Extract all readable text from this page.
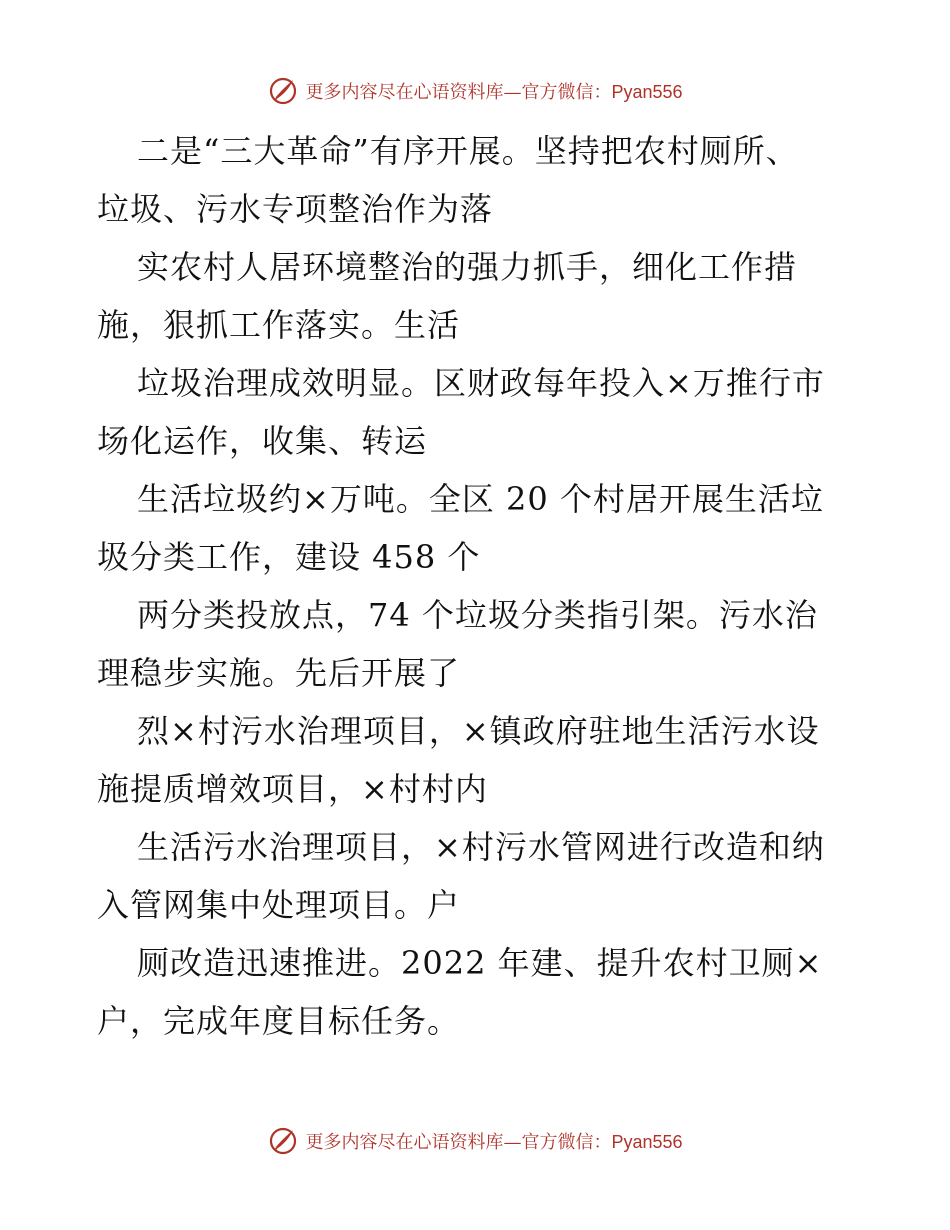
更多内容尽在心语资料库—官方微信：Pyan556
二是“三大革命”有序开展。坚持把农村厕所、
垃圾、污水专项整治作为落
实农村人居环境整治的强力抓手，细化工作措
施，狠抓工作落实。生活
垃圾治理成效明显。区财政每年投入×万推行市
场化运作，收集、转运
生活垃圾约×万吨。全区 20 个村居开展生活垃
圾分类工作，建设 458 个
两分类投放点，74 个垃圾分类指引架。污水治
理稳步实施。先后开展了
烈×村污水治理项目，×镇政府驻地生活污水设
施提质增效项目，×村村内
生活污水治理项目，×村污水管网进行改造和纳
入管网集中处理项目。户
厕改造迅速推进。2022 年建、提升农村卫厕×
户，完成年度目标任务。
更多内容尽在心语资料库—官方微信：Pyan556
